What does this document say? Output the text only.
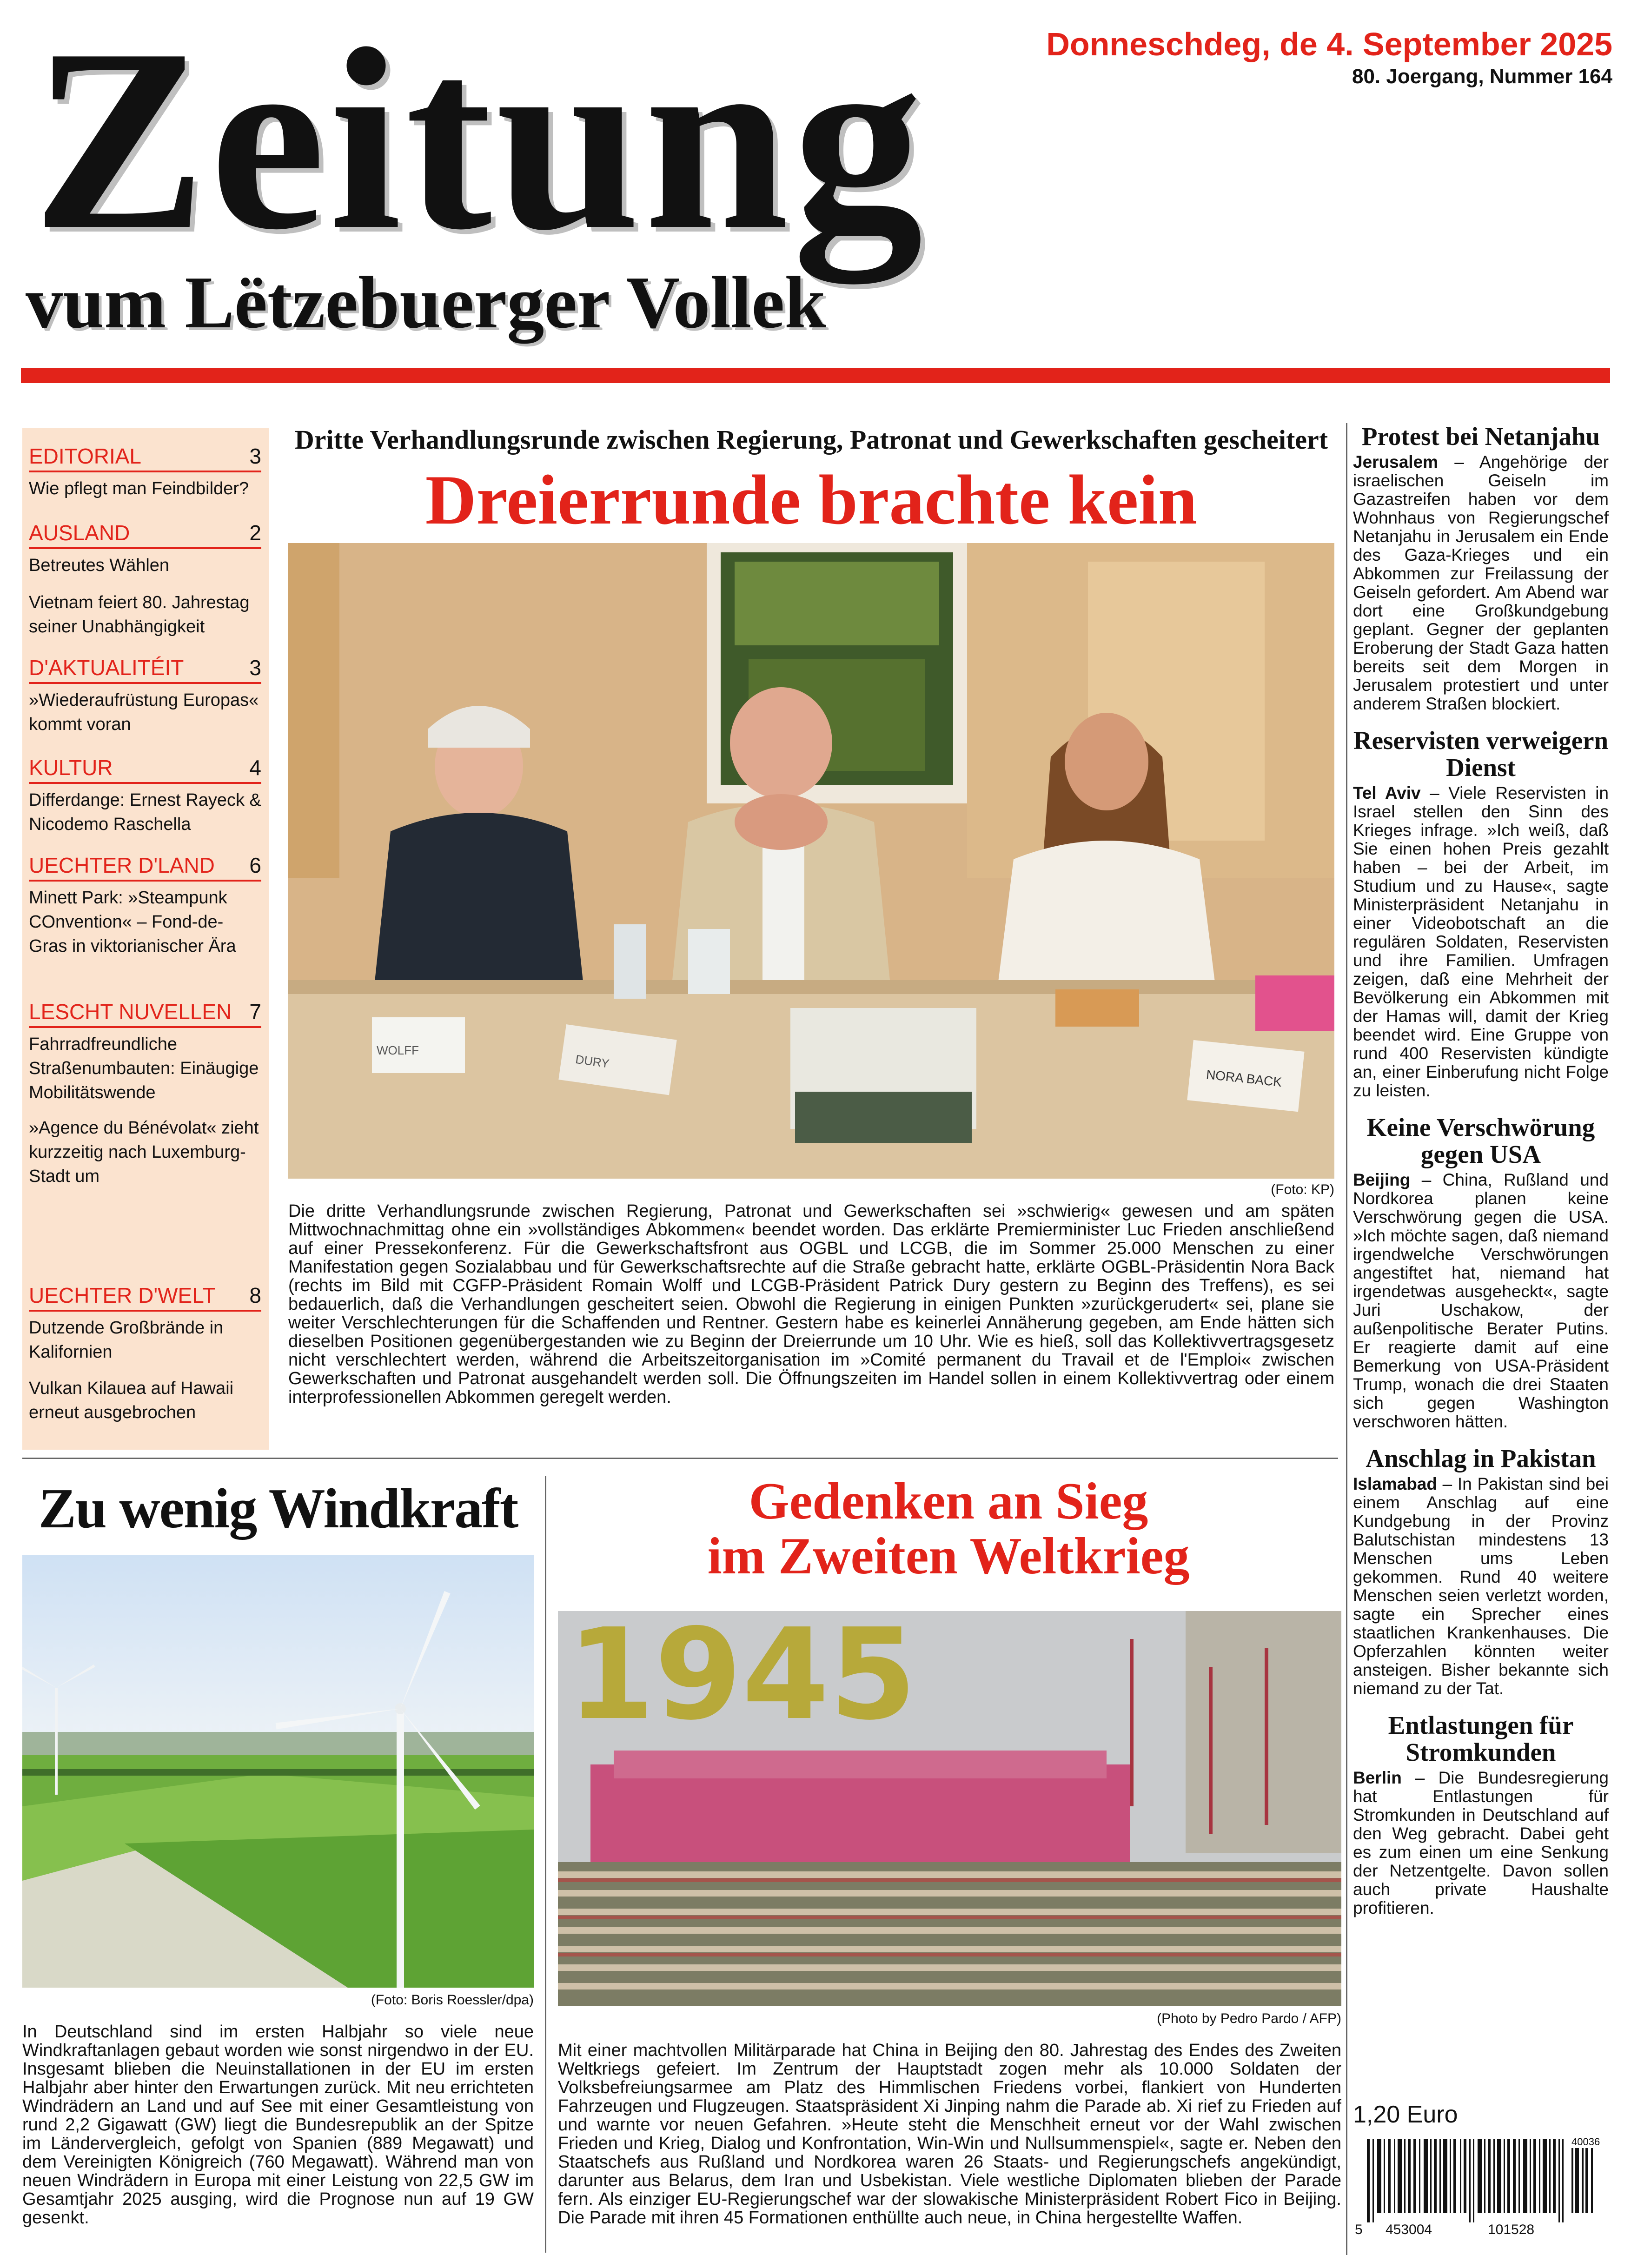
Zeitung
vum Lëtzebuerger Vollek
Donneschdeg, de 4. September 2025
80. Joergang, Nummer 164
EDITORIAL	3
Wie pflegt man Feindbilder?
AUSLAND	2
Betreutes Wählen
Vietnam feiert 80. Jahrestag seiner Unabhängigkeit
D'AKTUALITÉIT	3
»Wiederaufrüstung Europas« kommt voran
KULTUR	4
Differdange: Ernest Rayeck & Nicodemo Raschella
UECHTER D'LAND 6
Minett Park: »Steampunk COnvention« – Fond-de-Gras in viktorianischer Ära
LESCHT NUVELLEN 7
Fahrradfreundliche Straßenumbauten: Einäugige Mobilitätswende
»Agence du Bénévolat« zieht kurzzeitig nach Luxemburg-Stadt um
UECHTER D'WELT 8
Dutzende Großbrände in Kalifornien
Vulkan Kilauea auf Hawaii erneut ausgebrochen
Dritte Verhandlungsrunde zwischen Regierung, Patronat und Gewerkschaften gescheitert
Dreierrunde brachte kein
WOLFF
DURY
NORA BACK
(Foto: KP)
Die dritte Verhandlungsrunde zwischen Regierung, Patronat und Gewerkschaften sei »schwierig« gewesen und am späten Mittwochnachmittag ohne ein »vollständiges Abkommen« beendet worden. Das erklärte Premierminister Luc Frieden anschließend auf einer Pressekonferenz. Für die Gewerkschaftsfront aus OGBL und LCGB, die im Sommer 25.000 Menschen zu einer Manifestation gegen Sozialabbau und für Gewerkschaftsrechte auf die Straße gebracht hatte, erklärte OGBL-Präsidentin Nora Back (rechts im Bild mit CGFP-Präsident Romain Wolff und LCGB-Präsident Patrick Dury gestern zu Beginn des Treffens), es sei bedauerlich, daß die Verhandlungen gescheitert seien. Obwohl die Regierung in einigen Punkten »zurückgerudert« sei, plane sie weiter Verschlechterungen für die Schaffenden und Rentner. Gestern habe es keinerlei Annäherung gegeben, am Ende hätten sich dieselben Positionen gegenübergestanden wie zu Beginn der Dreierrunde um 10 Uhr. Wie es hieß, soll das Kollektivvertragsgesetz nicht verschlechtert werden, während die Arbeitszeitorganisation im »Comité permanent du Travail et de l'Emploi« zwischen Gewerkschaften und Patronat ausgehandelt werden soll. Die Öffnungszeiten im Handel sollen in einem Kollektivvertrag oder einem interprofessionellen Abkommen geregelt werden.

Protest bei Netanjahu

Jerusalem – Angehörige der israelischen Geiseln im Gazastreifen haben vor dem Wohnhaus von Regierungschef Netanjahu in Jerusalem ein Ende des Gaza-Krieges und ein Abkommen zur Freilassung der Geiseln gefordert. Am Abend war dort eine Großkundgebung geplant. Gegner der geplanten Eroberung der Stadt Gaza hatten bereits seit dem Morgen in Jerusalem protestiert und unter anderem Straßen blockiert.

Reservisten verweigern Dienst

Tel Aviv – Viele Reservisten in Israel stellen den Sinn des Krieges infrage. »Ich weiß, daß Sie einen hohen Preis gezahlt haben – bei der Arbeit, im Studium und zu Hause«, sagte Ministerpräsident Netanjahu in einer Videobotschaft an die regulären Soldaten, Reservisten und ihre Familien. Umfragen zeigen, daß eine Mehrheit der Bevölkerung ein Abkommen mit der Hamas will, damit der Krieg beendet wird. Eine Gruppe von rund 400 Reservisten kündigte an, einer Einberufung nicht Folge zu leisten.

Keine Verschwörung gegen USA

Beijing – China, Rußland und Nordkorea planen keine Verschwörung gegen die USA. »Ich möchte sagen, daß niemand irgendwelche Verschwörungen angestiftet hat, niemand hat irgendetwas ausgeheckt«, sagte Juri Uschakow, der außenpolitische Berater Putins. Er reagierte damit auf eine Bemerkung von USA-Präsident Trump, wonach die drei Staaten sich gegen Washington verschworen hätten.

Anschlag in Pakistan

Islamabad – In Pakistan sind bei einem Anschlag auf eine Kundgebung in der Provinz Balutschistan mindestens 13 Menschen ums Leben gekommen. Rund 40 weitere Menschen seien verletzt worden, sagte ein Sprecher eines staatlichen Krankenhauses. Die Opferzahlen könnten weiter ansteigen. Bisher bekannte sich niemand zu der Tat.

Entlastungen für Stromkunden

Berlin – Die Bundesregierung hat Entlastungen für Stromkunden in Deutschland auf den Weg gebracht. Dabei geht es zum einen um eine Senkung der Netzentgelte. Davon sollen auch private Haushalte profitieren.

1,20 Euro
40036
5 453004	101528
Zu wenig Windkraft
(Foto: Boris Roessler/dpa)
In Deutschland sind im ersten Halbjahr so viele neue Windkraftanlagen gebaut worden wie sonst nirgendwo in der EU. Insgesamt blieben die Neuinstallationen in der EU im ersten Halbjahr aber hinter den Erwartungen zurück. Mit neu errichteten Windrädern an Land und auf See mit einer Gesamtleistung von rund 2,2 Gigawatt (GW) liegt die Bundesrepublik an der Spitze im Ländervergleich, gefolgt von Spanien (889 Megawatt) und dem Vereinigten Königreich (760 Megawatt). Während man von neuen Windrädern in Europa mit einer Leistung von 22,5 GW im Gesamtjahr 2025 ausging, wird die Prognose nun auf 19 GW gesenkt.
Gedenken an Sieg
im Zweiten Weltkrieg
1945
(Photo by Pedro Pardo / AFP)
Mit einer machtvollen Militärparade hat China in Beijing den 80. Jahrestag des Endes des Zweiten Weltkriegs gefeiert. Im Zentrum der Hauptstadt zogen mehr als 10.000 Soldaten der Volksbefreiungsarmee am Platz des Himmlischen Friedens vorbei, flankiert von Hunderten Fahrzeugen und Flugzeugen. Staatspräsident Xi Jinping nahm die Parade ab. Xi rief zu Frieden auf und warnte vor neuen Gefahren. »Heute steht die Menschheit erneut vor der Wahl zwischen Frieden und Krieg, Dialog und Konfrontation, Win-Win und Nullsummenspiel«, sagte er. Neben den Staatschefs aus Rußland und Nordkorea waren 26 Staats- und Regierungschefs angekündigt, darunter aus Belarus, dem Iran und Usbekistan. Viele westliche Diplomaten blieben der Parade fern. Als einziger EU-Regierungschef war der slowakische Ministerpräsident Robert Fico in Beijing. Die Parade mit ihren 45 Formationen enthüllte auch neue, in China hergestellte Waffen.
